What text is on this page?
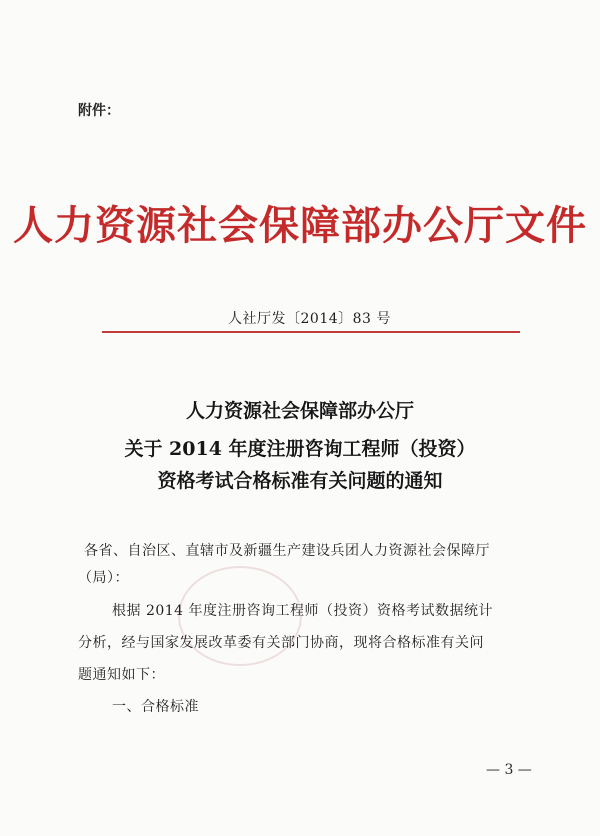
附件：
人力资源社会保障部办公厅文件
人社厅发〔2014〕83 号
人力资源社会保障部办公厅
关于 2014 年度注册咨询工程师（投资）
资格考试合格标准有关问题的通知
各省、自治区、直辖市及新疆生产建设兵团人力资源社会保障厅
（局）：
根据 2014 年度注册咨询工程师（投资）资格考试数据统计
分析，经与国家发展改革委有关部门协商，现将合格标准有关问
题通知如下：
一、合格标准
— 3 —
